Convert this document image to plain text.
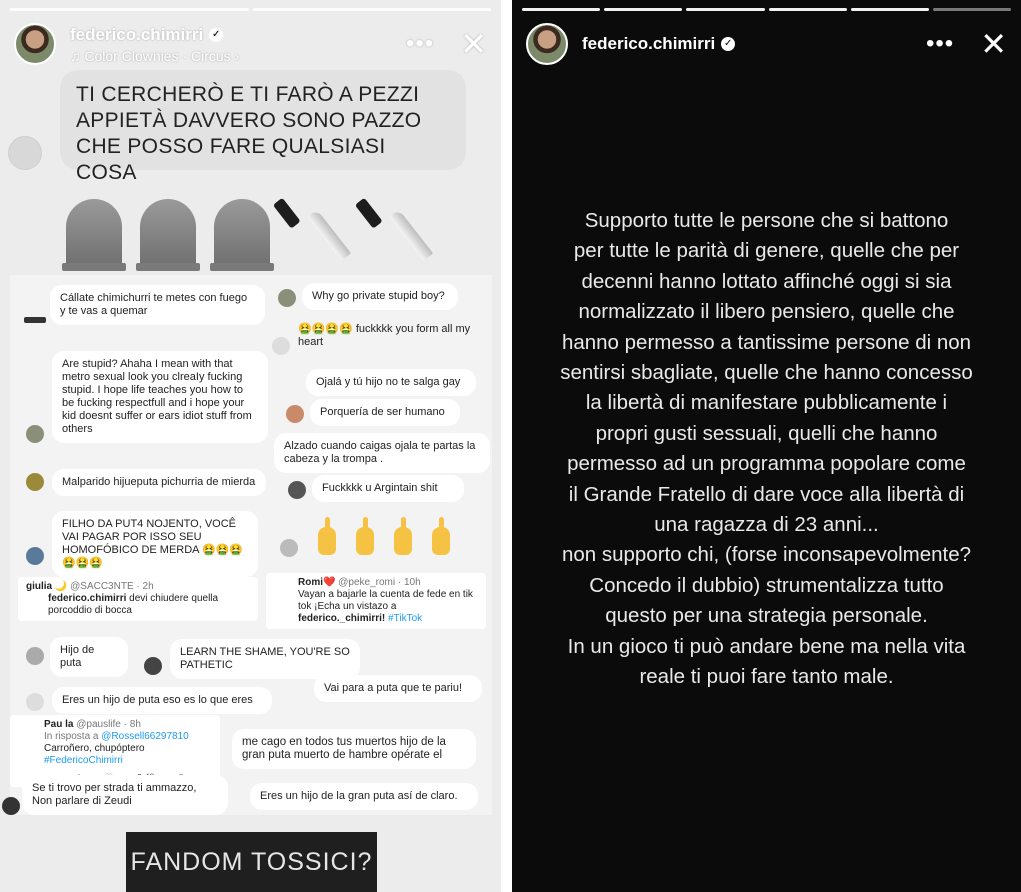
federico.chimirri ✓
♫ Color Clownies · Circus ›	••• ✕
TI CERCHERÒ E TI FARÒ A PEZZI APPIETÀ DAVVERO SONO PAZZO CHE POSSO FARE QUALSIASI COSA
Cállate chimichurri te metes con fuego y te vas a quemar
Why go private stupid boy?
🤮🤮🤮🤮 fuckkkk you form all my heart
Are stupid? Ahaha I mean with that metro sexual look you clreaIy fucking stupid. I hope life teaches you how to be fucking respectfull and i hope your kid doesnt suffer or ears idiot stuff from others
Ojalá y tú hijo no te salga gay
Porquería de ser humano
Alzado cuando caigas ojala te partas la cabeza y la trompa .
Malparido hijueputa pichurria de mierda	Fuckkkk u Argintain shit
FILHO DA PUT4 NOJENTO, VOCÊ VAI PAGAR POR ISSO SEU HOMOFÓBICO DE MERDA 🤮🤮🤮🤮🤮🤮
giulia 🌙 @SACC3NTE · 2h
federico.chimirri devi chiudere quella porcoddio di bocca
Romi❤️ @peke_romi · 10h
Vayan a bajarle la cuenta de fede en tik tok ¡Echa un vistazo a federico._chimirri! #TikTok
Hijo de puta
LEARN THE SHAME, YOU'RE SO PATHETIC
Vai para a puta que te pariu!
Eres un hijo de puta eso es lo que eres
Pau la @pauslife · 8h
In risposta a @Rossell66297810
Carroñero, chupóptero #FedericoChimirri
me cago en todos tus muertos hijo de la gran puta muerto de hambre opérate el
Se ti trovo per strada ti ammazzo, Non parlare di Zeudi	Eres un hijo de la gran puta así de claro.
FANDOM TOSSICI?
federico.chimirri ✓	••• ✕
Supporto tutte le persone che si battono
per tutte le parità di genere, quelle che per
decenni hanno lottato affinché oggi si sia
normalizzato il libero pensiero, quelle che
hanno permesso a tantissime persone di non
sentirsi sbagliate, quelle che hanno concesso
la libertà di manifestare pubblicamente i
propri gusti sessuali, quelli che hanno
permesso ad un programma popolare come
il Grande Fratello di dare voce alla libertà di
una ragazza di 23 anni...
non supporto chi, (forse inconsapevolmente?
Concedo il dubbio) strumentalizza tutto
questo per una strategia personale.
In un gioco ti può andare bene ma nella vita
reale ti puoi fare tanto male.
